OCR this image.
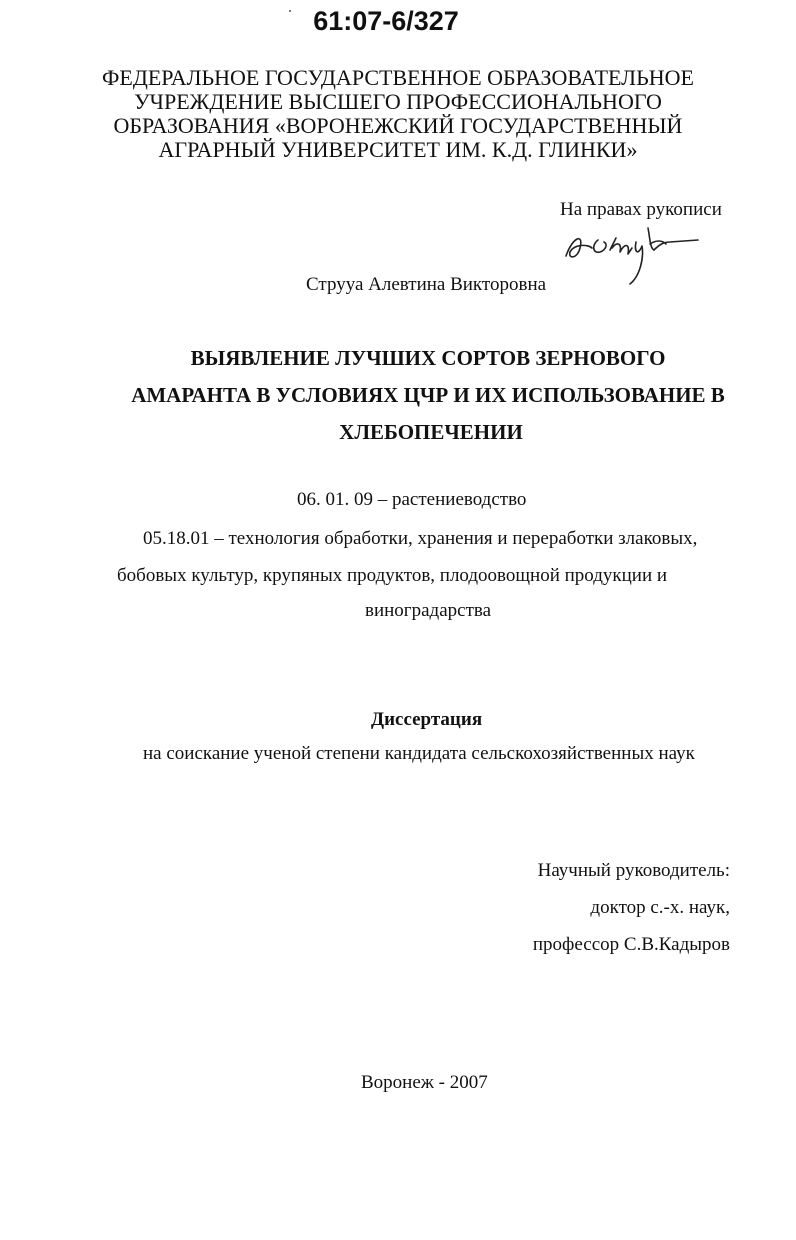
61:07-6/327
ФЕДЕРАЛЬНОЕ ГОСУДАРСТВЕННОЕ ОБРАЗОВАТЕЛЬНОЕ
УЧРЕЖДЕНИЕ ВЫСШЕГО ПРОФЕССИОНАЛЬНОГО
ОБРАЗОВАНИЯ «ВОРОНЕЖСКИЙ ГОСУДАРСТВЕННЫЙ
АГРАРНЫЙ УНИВЕРСИТЕТ ИМ. К.Д. ГЛИНКИ»
На правах рукописи
Струуа Алевтина Викторовна
ВЫЯВЛЕНИЕ ЛУЧШИХ СОРТОВ ЗЕРНОВОГО
АМАРАНТА В УСЛОВИЯХ ЦЧР И ИХ ИСПОЛЬЗОВАНИЕ В
ХЛЕБОПЕЧЕНИИ
06. 01. 09 – растениеводство
05.18.01 – технология обработки, хранения и переработки злаковых,
бобовых культур, крупяных продуктов, плодоовощной продукции и
виноградарства
Диссертация
на соискание ученой степени кандидата сельскохозяйственных наук
Научный руководитель:
доктор с.-х. наук,
профессор С.В.Кадыров
Воронеж - 2007
